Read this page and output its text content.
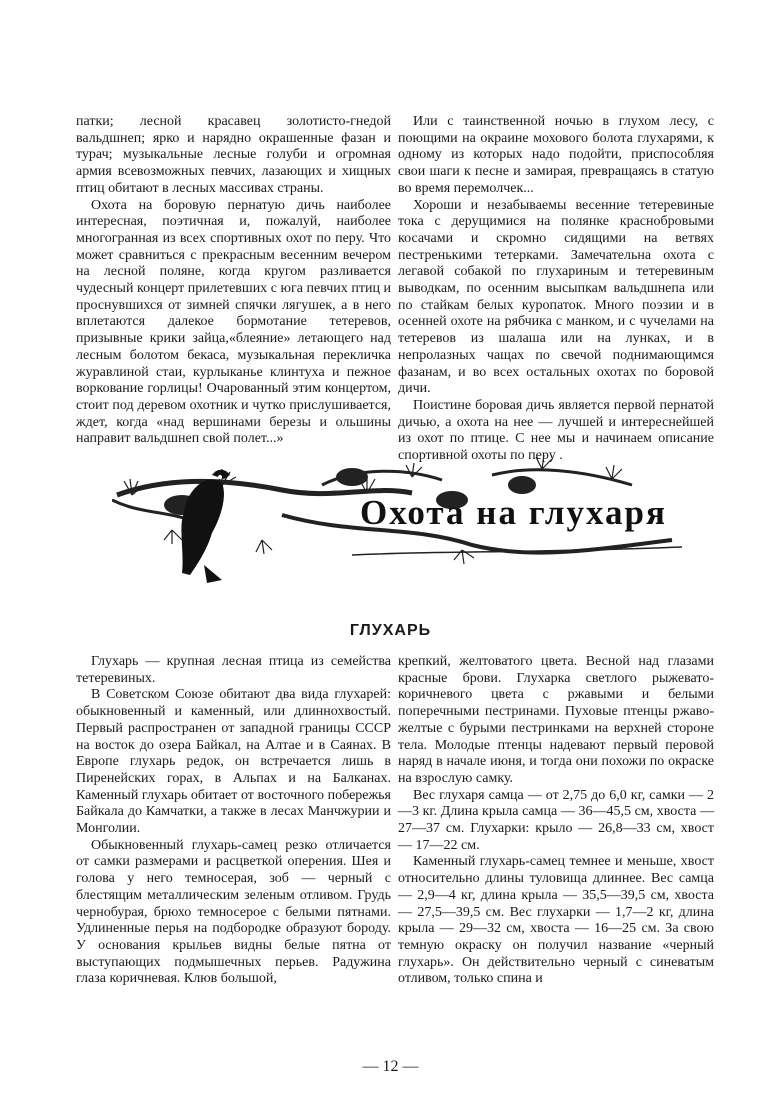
патки; лесной красавец золотисто-гнедой вальдшнеп; ярко и нарядно окрашенные фазан и турач; музыкальные лесные голуби и огромная армия всевозможных певчих, лазающих и хищных птиц обитают в лесных массивах страны.

Охота на боровую пернатую дичь наиболее интересная, поэтичная и, пожалуй, наиболее многогранная из всех спортивных охот по перу. Что может сравниться с прекрасным весенним вечером на лесной поляне, когда кругом разливается чудесный концерт прилетевших с юга певчих птиц и проснувшихся от зимней спячки лягушек, а в него вплетаются далекое бормотание тетеревов, призывные крики зайца,«блеяние» летающего над лесным болотом бекаса, музыкальная перекличка журавлиной стаи, курлыканье клинтуха и пежное воркование горлицы! Очарованный этим концертом, стоит под деревом охотник и чутко прислушивается, ждет, когда «над вершинами березы и ольшины направит вальдшнеп свой полет...»

Или с таинственной ночью в глухом лесу, с поющими на окраине мохового болота глухарями, к одному из которых надо подойти, приспособляя свои шаги к песне и замирая, превращаясь в статую во время перемолчек...

Хороши и незабываемы весенние тетеревиные тока с дерущимися на полянке краснобровыми косачами и скромно сидящими на ветвях пестренькими тетерками. Замечательна охота с легавой собакой по глухариным и тетеревиным выводкам, по осенним высыпкам вальдшнепа или по стайкам белых куропаток. Много поэзии и в осенней охоте на рябчика с манком, и с чучелами на тетеревов из шалаша или на лунках, и в непролазных чащах по свечой поднимающимся фазанам, и во всех остальных охотах по боровой дичи.

Поистине боровая дичь является первой пернатой дичью, а охота на нее — лучшей и интереснейшей из охот по птице. С нее мы и начинаем описание спортивной охоты по перу .

Охота на глухаря
ГЛУХАРЬ

Глухарь — крупная лесная птица из семейства тетеревиных.

В Советском Союзе обитают два вида глухарей: обыкновенный и каменный, или длиннохвостый. Первый распространен от западной границы СССР на восток до озера Байкал, на Алтае и в Саянах. В Европе глухарь редок, он встречается лишь в Пиренейских горах, в Альпах и на Балканах. Каменный глухарь обитает от восточного побережья Байкала до Камчатки, а также в лесах Манчжурии и Монголии.

Обыкновенный глухарь-самец резко отличается от самки размерами и расцветкой оперения. Шея и голова у него темносерая, зоб — черный с блестящим металлическим зеленым отливом. Грудь чернобурая, брюхо темносерое с белыми пятнами. Удлиненные перья на подбородке образуют бороду. У основания крыльев видны белые пятна от выступающих подмышечных перьев. Радужина глаза коричневая. Клюв большой,

крепкий, желтоватого цвета. Весной над глазами красные брови. Глухарка светлого рыжевато-коричневого цвета с ржавыми и белыми поперечными пестринами. Пуховые птенцы ржаво-желтые с бурыми пестринками на верхней стороне тела. Молодые птенцы надевают первый перовой наряд в начале июня, и тогда они похожи по окраске на взрослую самку.

Вес глухаря самца — от 2,75 до 6,0 кг, самки — 2—3 кг. Длина крыла самца — 36—45,5 см, хвоста — 27—37 см. Глухарки: крыло — 26,8—33 см, хвост — 17—22 см.

Каменный глухарь-самец темнее и меньше, хвост относительно длины туловища длиннее. Вес самца — 2,9—4 кг, длина крыла — 35,5—39,5 см, хвоста — 27,5—39,5 см. Вес глухарки — 1,7—2 кг, длина крыла — 29—32 см, хвоста — 16—25 см. За свою темную окраску он получил название «черный глухарь». Он действительно черный с синеватым отливом, только спина и

— 12 —
